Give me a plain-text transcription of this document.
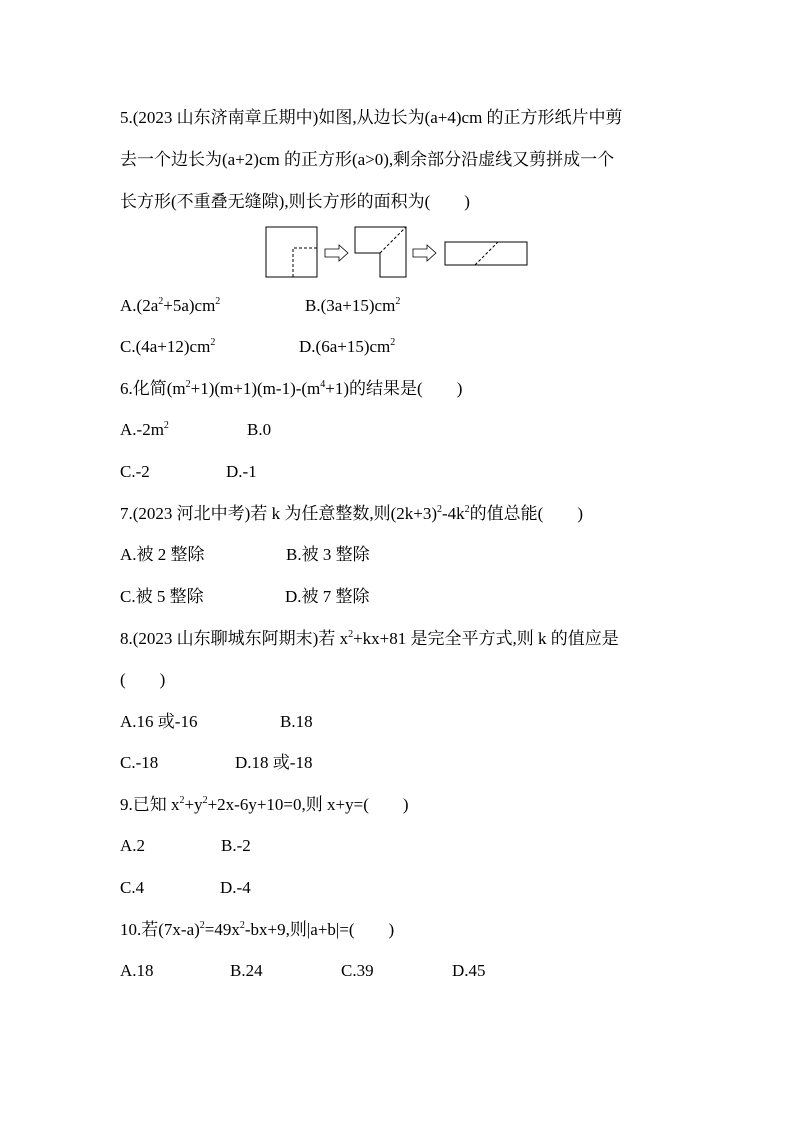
5.(2023 山东济南章丘期中)如图,从边长为(a+4)cm 的正方形纸片中剪
去一个边长为(a+2)cm 的正方形(a>0),剩余部分沿虚线又剪拼成一个
长方形(不重叠无缝隙),则长方形的面积为(　　)
$A.(2a^2+5a)cm^2$	$B.(3a+15)cm^2$
$C.(4a+12)cm^2$	$D.(6a+15)cm^2$
6.化简$(m^2+1)(m+1)(m-1)-(m^4+1)$的结果是(　　)
$A.-2m^2$	B.0
C.-2	D.-1
7.(2023 河北中考)若 k 为任意整数,则$(2k+3)^2-4k^2$的值总能(　　)
A.被 2 整除	B.被 3 整除
C.被 5 整除	D.被 7 整除
8.(2023 山东聊城东阿期末)若 $x^2+kx+81$ 是完全平方式,则 k 的值应是
(　　)
A.16 或-16	B.18
C.-18	D.18 或-18
9.已知 $x^2+y^2+2x-6y+10=0$,则 x+y=(　　)
A.2	B.-2
C.4	D.-4
10.若$(7x-a)^2=49x^2-bx+9$,则|a+b|=(　　)
A.18	B.24	C.39	D.45
